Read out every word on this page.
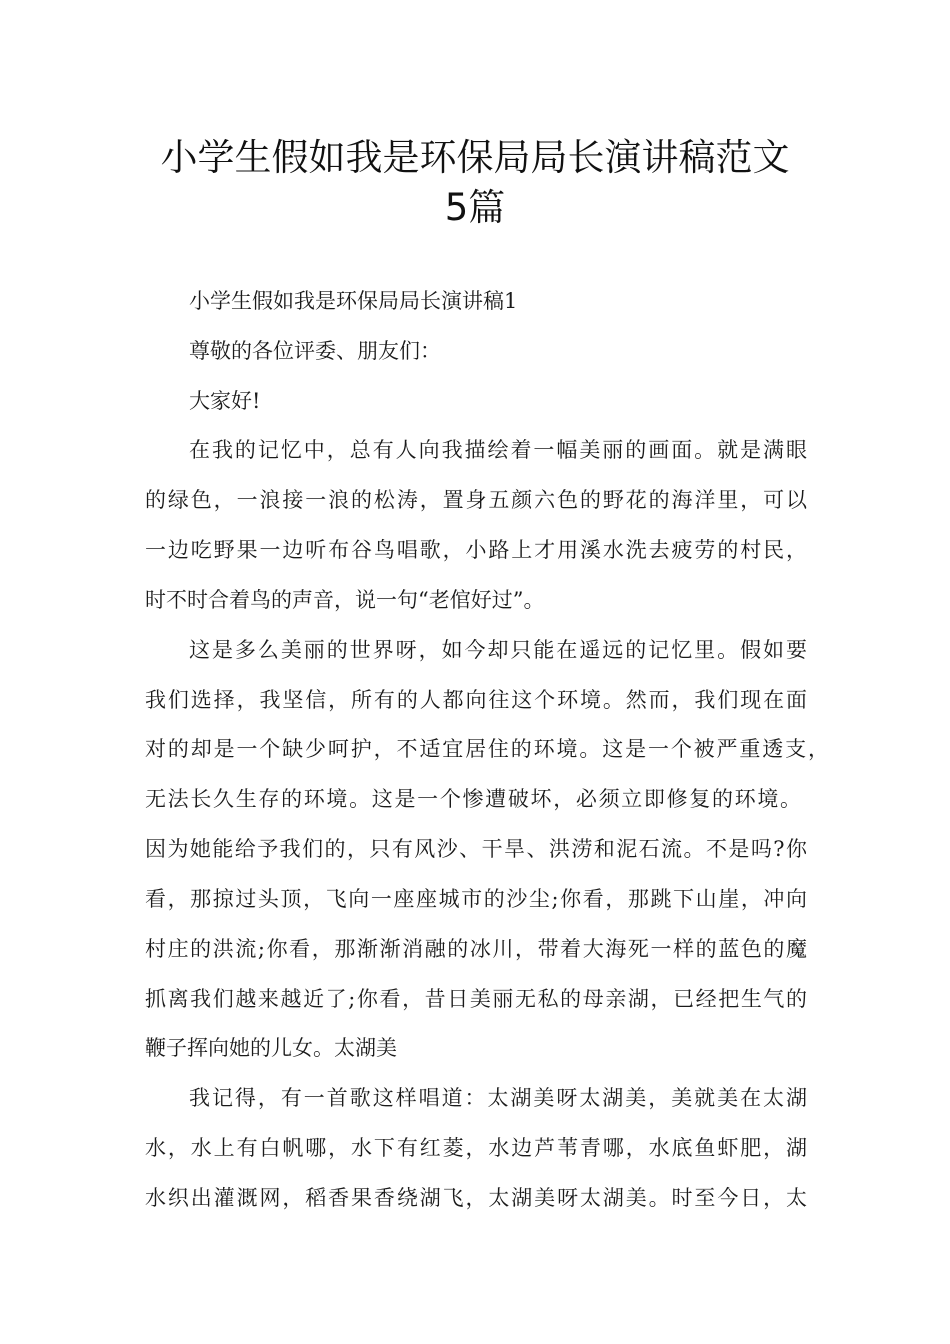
小学生假如我是环保局局长演讲稿范文
5篇

小学生假如我是环保局局长演讲稿1

尊敬的各位评委、朋友们：

大家好!

在我的记忆中，总有人向我描绘着一幅美丽的画面。就是满眼

的绿色，一浪接一浪的松涛，置身五颜六色的野花的海洋里，可以

一边吃野果一边听布谷鸟唱歌，小路上才用溪水洗去疲劳的村民，

时不时合着鸟的声音，说一句“老倌好过”。

这是多么美丽的世界呀，如今却只能在遥远的记忆里。假如要

我们选择，我坚信，所有的人都向往这个环境。然而，我们现在面

对的却是一个缺少呵护，不适宜居住的环境。这是一个被严重透支，

无法长久生存的环境。这是一个惨遭破坏，必须立即修复的环境。

因为她能给予我们的，只有风沙、干旱、洪涝和泥石流。不是吗?你

看，那掠过头顶，飞向一座座城市的沙尘;你看，那跳下山崖，冲向

村庄的洪流;你看，那渐渐消融的冰川，带着大海死一样的蓝色的魔

抓离我们越来越近了;你看，昔日美丽无私的母亲湖，已经把生气的

鞭子挥向她的儿女。太湖美

我记得，有一首歌这样唱道：太湖美呀太湖美，美就美在太湖

水，水上有白帆哪，水下有红菱，水边芦苇青哪，水底鱼虾肥，湖

水织出灌溉网，稻香果香绕湖飞，太湖美呀太湖美。时至今日，太
